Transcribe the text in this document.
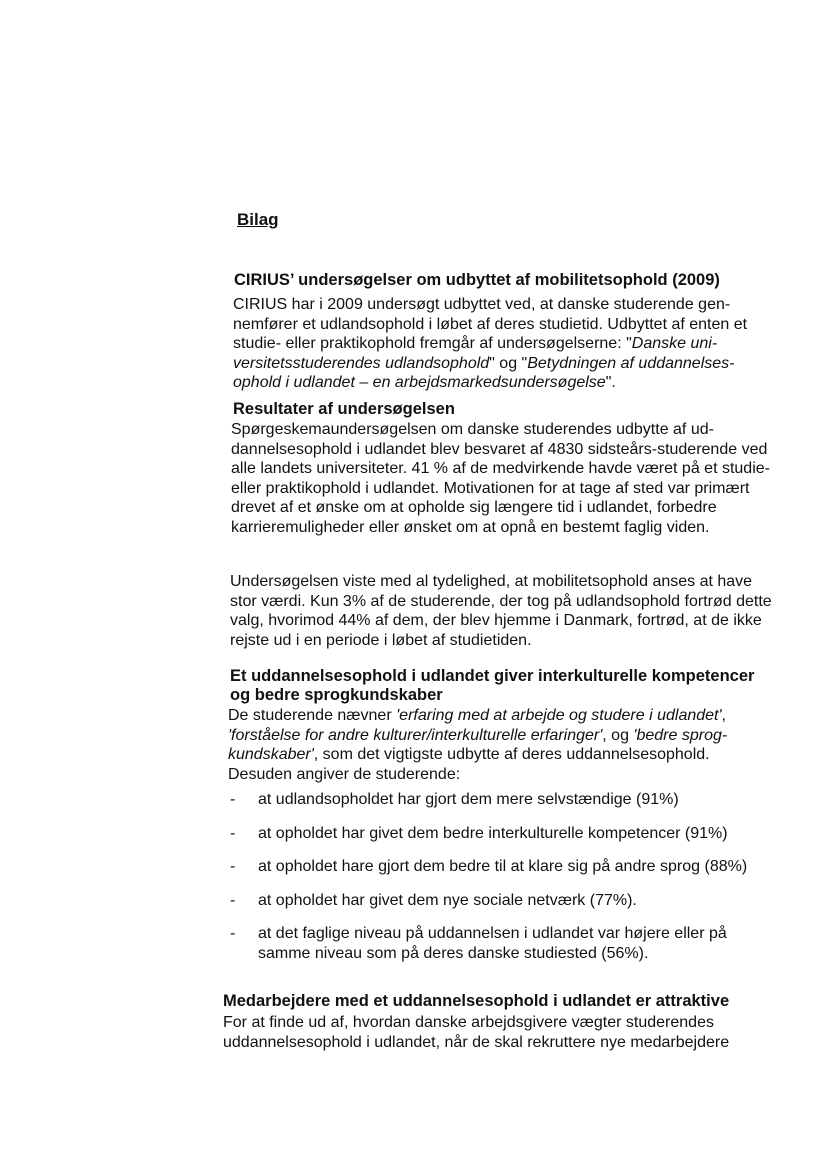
Bilag
CIRIUS’ undersøgelser om udbyttet af mobilitetsophold (2009)

CIRIUS har i 2009 undersøgt udbyttet ved, at danske studerende gen- nemfører et udlandsophold i løbet af deres studietid. Udbyttet af enten et studie- eller praktikophold fremgår af undersøgelserne: "Danske uni- versitetsstuderendes udlandsophold" og "Betydningen af uddannelses- ophold i udlandet – en arbejdsmarkedsundersøgelse".

Resultater af undersøgelsen

Spørgeskemaundersøgelsen om danske studerendes udbytte af ud- dannelsesophold i udlandet blev besvaret af 4830 sidsteårs-studerende ved alle landets universiteter. 41 % af de medvirkende havde været på et studie- eller praktikophold i udlandet. Motivationen for at tage af sted var primært drevet af et ønske om at opholde sig længere tid i udlandet, forbedre karrieremuligheder eller ønsket om at opnå en bestemt faglig viden.

Undersøgelsen viste med al tydelighed, at mobilitetsophold anses at have stor værdi. Kun 3% af de studerende, der tog på udlandsophold fortrød dette valg, hvorimod 44% af dem, der blev hjemme i Danmark, fortrød, at de ikke rejste ud i en periode i løbet af studietiden.

Et uddannelsesophold i udlandet giver interkulturelle kompetencer og bedre sprogkundskaber

De studerende nævner 'erfaring med at arbejde og studere i udlandet', 'forståelse for andre kulturer/interkulturelle erfaringer', og 'bedre sprog- kundskaber', som det vigtigste udbytte af deres uddannelsesophold. Desuden angiver de studerende:

- at udlandsopholdet har gjort dem mere selvstændige (91%)
- at opholdet har givet dem bedre interkulturelle kompetencer (91%)
- at opholdet hare gjort dem bedre til at klare sig på andre sprog (88%)
- at opholdet har givet dem nye sociale netværk (77%).
- at det faglige niveau på uddannelsen i udlandet var højere eller på samme niveau som på deres danske studiested (56%).
Medarbejdere med et uddannelsesophold i udlandet er attraktive

For at finde ud af, hvordan danske arbejdsgivere vægter studerendes uddannelsesophold i udlandet, når de skal rekruttere nye medarbejdere
